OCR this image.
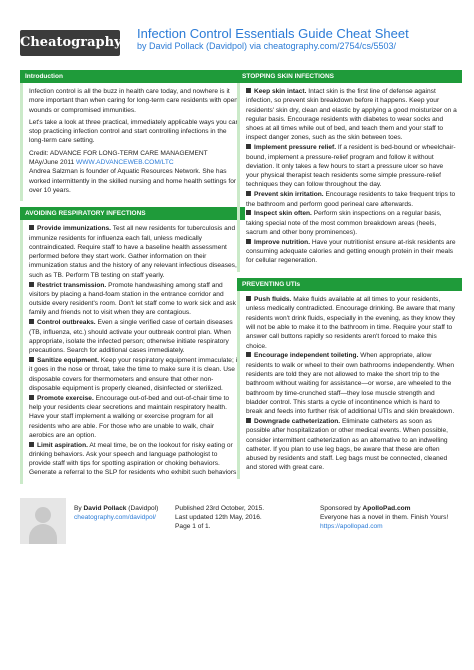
Cheatography
Infection Control Essentials Guide Cheat Sheet
by David Pollack (Davidpol) via cheatography.com/2754/cs/5503/
Introduction

Infection control is all the buzz in health care today, and nowhere is it more important than when caring for long-term care residents with open wounds or compromised immunities.

Let's take a look at three practical, immediately applicable ways you can stop practicing infection control and start controlling infections in the long-term care setting.

Credit: ADVANCE FOR LONG-TERM CARE MANAGEMENT
MAy/June 2011 WWW.ADVANCEWEB.COM/LTC
Andrea Salzman is founder of Aquatic Resources Network. She has worked intermittently in the skilled nursing and home health settings for over 10 years.
AVOIDING RESPIRATORY INFECTIONS
Provide immunizations. Test all new residents for tuberculosis and immunize residents for influenza each fall, unless medically contraindicated. Require staff to have a baseline health assessment performed before they start work. Gather information on their immunization status and the history of any relevant infectious diseases, such as TB. Perform TB testing on staff yearly.
Restrict transmission. Promote handwashing among staff and visitors by placing a hand-foam station in the entrance corridor and outside every resident's room. Don't let staff come to work sick and ask family and friends not to visit when they are contagious.
Control outbreaks. Even a single verified case of certain diseases (TB, influenza, etc.) should activate your outbreak control plan. When appropriate, isolate the infected person; otherwise initiate respiratory precautions. Search for additional cases immediately.
Sanitize equipment. Keep your respiratory equipment immaculate; if it goes in the nose or throat, take the time to make sure it is clean. Use disposable covers for thermometers and ensure that other non-disposable equipment is properly cleaned, disinfected or sterilized.
Promote exercise. Encourage out-of-bed and out-of-chair time to help your residents clear secretions and maintain respiratory health. Have your staff implement a walking or exercise program for all residents who are able. For those who are unable to walk, chair aerobics are an option.
Limit aspiration. At meal time, be on the lookout for risky eating or drinking behaviors. Ask your speech and language pathologist to provide staff with tips for spotting aspiration or choking behaviors. Generate a referral to the SLP for residents who exhibit such behaviors.
STOPPING SKIN INFECTIONS
Keep skin intact. Intact skin is the first line of defense against infection, so prevent skin breakdown before it happens. Keep your residents' skin dry, clean and elastic by applying a good moisturizer on a regular basis. Encourage residents with diabetes to wear socks and shoes at all times while out of bed, and teach them and your staff to inspect danger zones, such as the skin between toes.
Implement pressure relief. If a resident is bed-bound or wheelchair-bound, implement a pressure-relief program and follow it without deviation. It only takes a few hours to start a pressure ulcer so have your physical therapist teach residents some simple pressure-relief techniques they can follow throughout the day.
Prevent skin irritation. Encourage residents to take frequent trips to the bathroom and perform good perineal care afterwards.
Inspect skin often. Perform skin inspections on a regular basis, taking special note of the most common breakdown areas (heels, sacrum and other bony prominences).
Improve nutrition. Have your nutritionist ensure at-risk residents are consuming adequate calories and getting enough protein in their meals for cellular regeneration.
PREVENTING UTIs
Push fluids. Make fluids available at all times to your residents, unless medically contradicted. Encourage drinking. Be aware that many residents won't drink fluids, especially in the evening, as they know they will not be able to make it to the bathroom in time. Require your staff to answer call buttons rapidly so residents aren't forced to make this choice.
Encourage independent toileting. When appropriate, allow residents to walk or wheel to their own bathrooms independently. When residents are told they are not allowed to make the short trip to the bathroom without waiting for assistance—or worse, are wheeled to the bathroom by time-crunched staff—they lose muscle strength and bladder control. This starts a cycle of incontinence which is hard to break and feeds into further risk of additional UTIs and skin breakdown.
Downgrade catheterization. Eliminate catheters as soon as possible after hospitalization or other medical events. When possible, consider intermittent catheterization as an alternative to an indwelling catheter. If you plan to use leg bags, be aware that these are often abused by residents and staff. Leg bags must be connected, cleaned and stored with great care.
By David Pollack (Davidpol)
cheatography.com/davidpol/
Published 23rd October, 2015.
Last updated 12th May, 2016.
Page 1 of 1.
Sponsored by ApolloPad.com
Everyone has a novel in them. Finish Yours!
https://apollopad.com
